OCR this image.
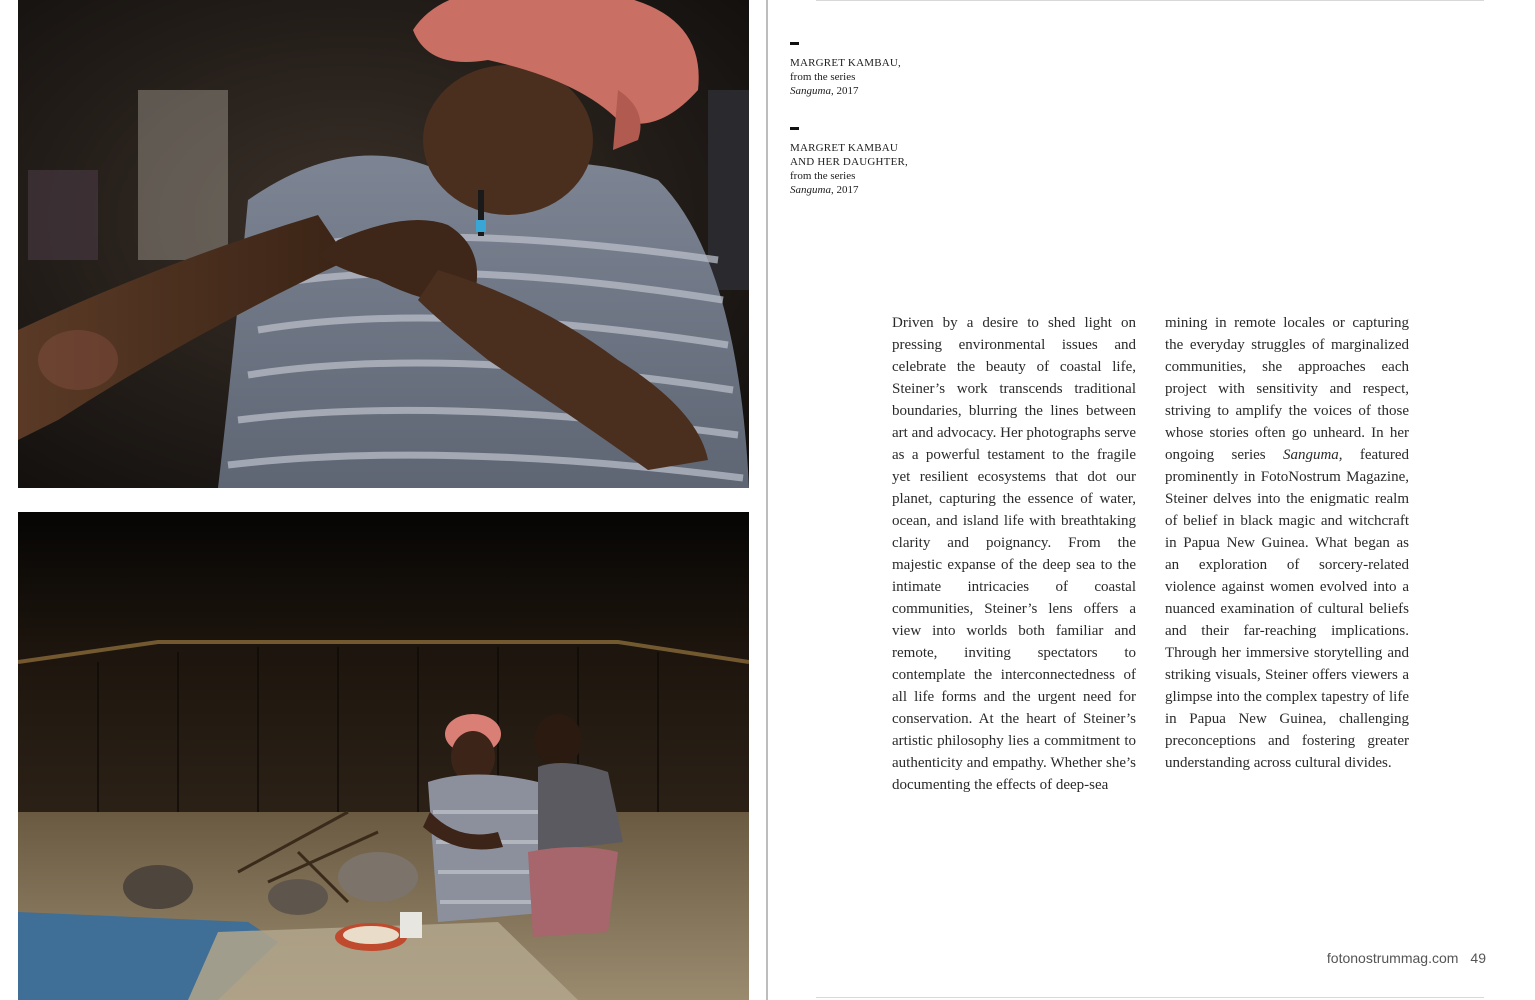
MARGRET KAMBAU,
from the series
Sanguma, 2017
MARGRET KAMBAU
AND HER DAUGHTER,
from the series
Sanguma, 2017

Driven by a desire to shed light on pressing environmental issues and celebrate the beauty of coastal life, Steiner’s work transcends traditional boundaries, blurring the lines between art and advocacy. Her photographs serve as a powerful testament to the fragile yet resilient ecosystems that dot our planet, capturing the essence of water, ocean, and island life with breathtaking clarity and poignancy. From the majestic expanse of the deep sea to the intimate intricacies of coastal communities, Steiner’s lens offers a view into worlds both familiar and remote, inviting spectators to contemplate the interconnectedness of all life forms and the urgent need for conservation. At the heart of Steiner’s artistic philosophy lies a commitment to authenticity and empathy. Whether she’s documenting the effects of deep-sea

mining in remote locales or capturing the everyday struggles of marginalized communities, she approaches each project with sensitivity and respect, striving to amplify the voices of those whose stories often go unheard. In her ongoing series Sanguma, featured prominently in FotoNostrum Magazine, Steiner delves into the enigmatic realm of belief in black magic and witchcraft in Papua New Guinea. What began as an exploration of sorcery-related violence against women evolved into a nuanced examination of cultural beliefs and their far-reaching implications. Through her immersive storytelling and striking visuals, Steiner offers viewers a glimpse into the complex tapestry of life in Papua New Guinea, challenging preconceptions and fostering greater understanding across cultural divides.

fotonostrummag.com 49
